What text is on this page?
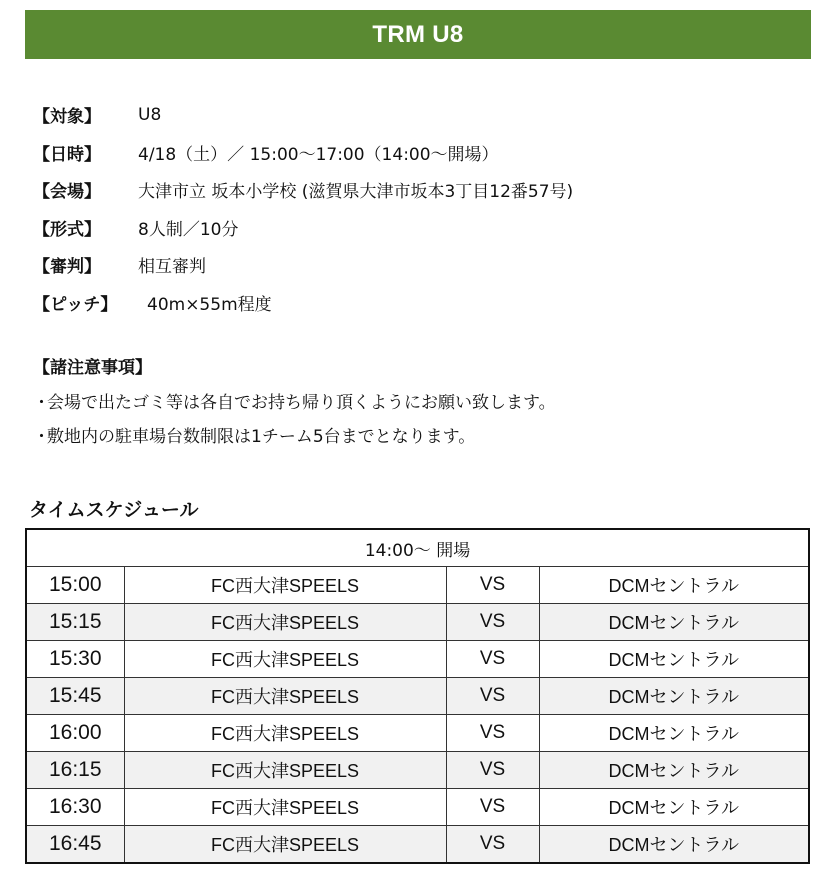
TRM U8
【対象】	U8
【日時】	4/18（土）／ 15:00〜17:00（14:00〜開場）
【会場】	大津市立 坂本小学校 (滋賀県大津市坂本3丁目12番57号)
【形式】	8人制／10分
【審判】	相互審判
【ピッチ】	40m×55m程度
【諸注意事項】
・
会場で出たゴミ等は各自でお持ち帰り頂くようにお願い致します。
・
敷地内の駐車場台数制限は1チーム5台までとなります。
タイムスケジュール
14:00〜 開場			
15:00	FC西大津SPEELS	VS	DCMセントラル
15:15	FC西大津SPEELS	VS	DCMセントラル
15:30	FC西大津SPEELS	VS	DCMセントラル
15:45	FC西大津SPEELS	VS	DCMセントラル
16:00	FC西大津SPEELS	VS	DCMセントラル
16:15	FC西大津SPEELS	VS	DCMセントラル
16:30	FC西大津SPEELS	VS	DCMセントラル
16:45	FC西大津SPEELS	VS	DCMセントラル
